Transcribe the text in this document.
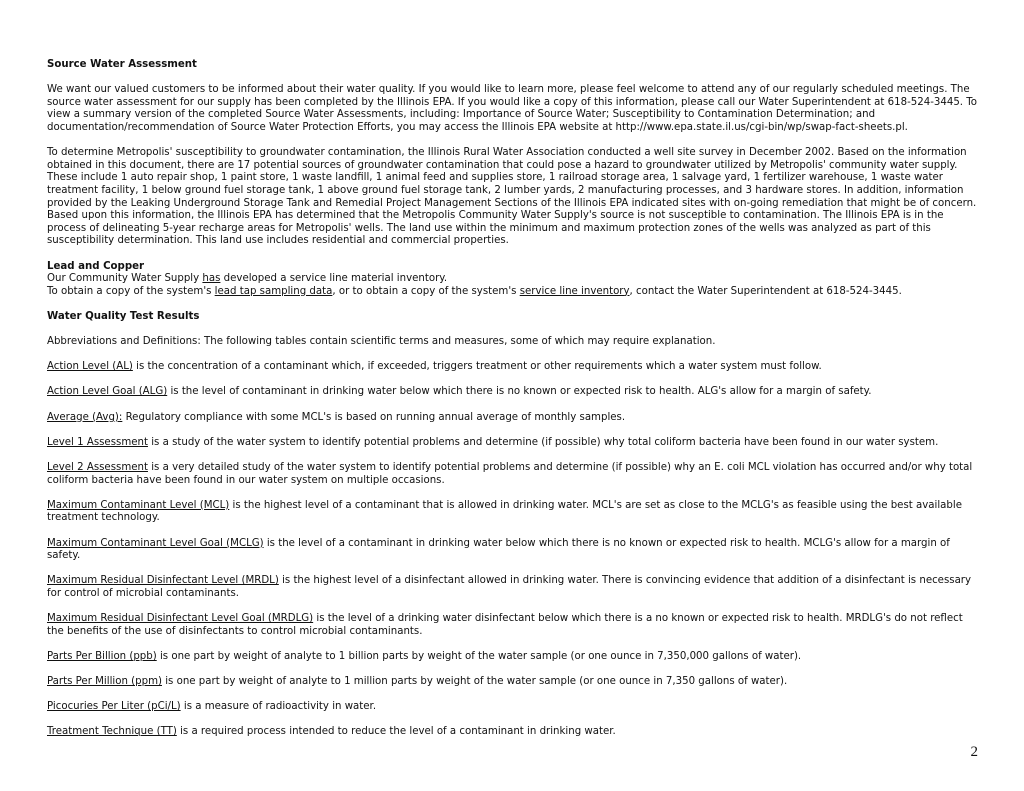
Source Water Assessment

We want our valued customers to be informed about their water quality. If you would like to learn more, please feel welcome to attend any of our regularly scheduled meetings. The source water assessment for our supply has been completed by the Illinois EPA. If you would like a copy of this information, please call our Water Superintendent at 618-524-3445. To view a summary version of the completed Source Water Assessments, including: Importance of Source Water; Susceptibility to Contamination Determination; and documentation/recommendation of Source Water Protection Efforts, you may access the Illinois EPA website at http://www.epa.state.il.us/cgi-bin/wp/swap-fact-sheets.pl.

To determine Metropolis' susceptibility to groundwater contamination, the Illinois Rural Water Association conducted a well site survey in December 2002. Based on the information obtained in this document, there are 17 potential sources of groundwater contamination that could pose a hazard to groundwater utilized by Metropolis' community water supply. These include 1 auto repair shop, 1 paint store, 1 waste landfill, 1 animal feed and supplies store, 1 railroad storage area, 1 salvage yard, 1 fertilizer warehouse, 1 waste water treatment facility, 1 below ground fuel storage tank, 1 above ground fuel storage tank, 2 lumber yards, 2 manufacturing processes, and 3 hardware stores. In addition, information provided by the Leaking Underground Storage Tank and Remedial Project Management Sections of the Illinois EPA indicated sites with on-going remediation that might be of concern. Based upon this information, the Illinois EPA has determined that the Metropolis Community Water Supply's source is not susceptible to contamination. The Illinois EPA is in the process of delineating 5-year recharge areas for Metropolis' wells. The land use within the minimum and maximum protection zones of the wells was analyzed as part of this susceptibility determination. This land use includes residential and commercial properties.

Lead and Copper

Our Community Water Supply has developed a service line material inventory.

To obtain a copy of the system's lead tap sampling data, or to obtain a copy of the system's service line inventory, contact the Water Superintendent at 618-524-3445.

Water Quality Test Results

Abbreviations and Definitions: The following tables contain scientific terms and measures, some of which may require explanation.

Action Level (AL) is the concentration of a contaminant which, if exceeded, triggers treatment or other requirements which a water system must follow.

Action Level Goal (ALG) is the level of contaminant in drinking water below which there is no known or expected risk to health. ALG's allow for a margin of safety.

Average (Avg): Regulatory compliance with some MCL's is based on running annual average of monthly samples.

Level 1 Assessment is a study of the water system to identify potential problems and determine (if possible) why total coliform bacteria have been found in our water system.

Level 2 Assessment is a very detailed study of the water system to identify potential problems and determine (if possible) why an E. coli MCL violation has occurred and/or why total coliform bacteria have been found in our water system on multiple occasions.

Maximum Contaminant Level (MCL) is the highest level of a contaminant that is allowed in drinking water. MCL's are set as close to the MCLG's as feasible using the best available treatment technology.

Maximum Contaminant Level Goal (MCLG) is the level of a contaminant in drinking water below which there is no known or expected risk to health. MCLG's allow for a margin of safety.

Maximum Residual Disinfectant Level (MRDL) is the highest level of a disinfectant allowed in drinking water. There is convincing evidence that addition of a disinfectant is necessary for control of microbial contaminants.

Maximum Residual Disinfectant Level Goal (MRDLG) is the level of a drinking water disinfectant below which there is a no known or expected risk to health. MRDLG's do not reflect the benefits of the use of disinfectants to control microbial contaminants.

Parts Per Billion (ppb) is one part by weight of analyte to 1 billion parts by weight of the water sample (or one ounce in 7,350,000 gallons of water).

Parts Per Million (ppm) is one part by weight of analyte to 1 million parts by weight of the water sample (or one ounce in 7,350 gallons of water).

Picocuries Per Liter (pCi/L) is a measure of radioactivity in water.

Treatment Technique (TT) is a required process intended to reduce the level of a contaminant in drinking water.

2
